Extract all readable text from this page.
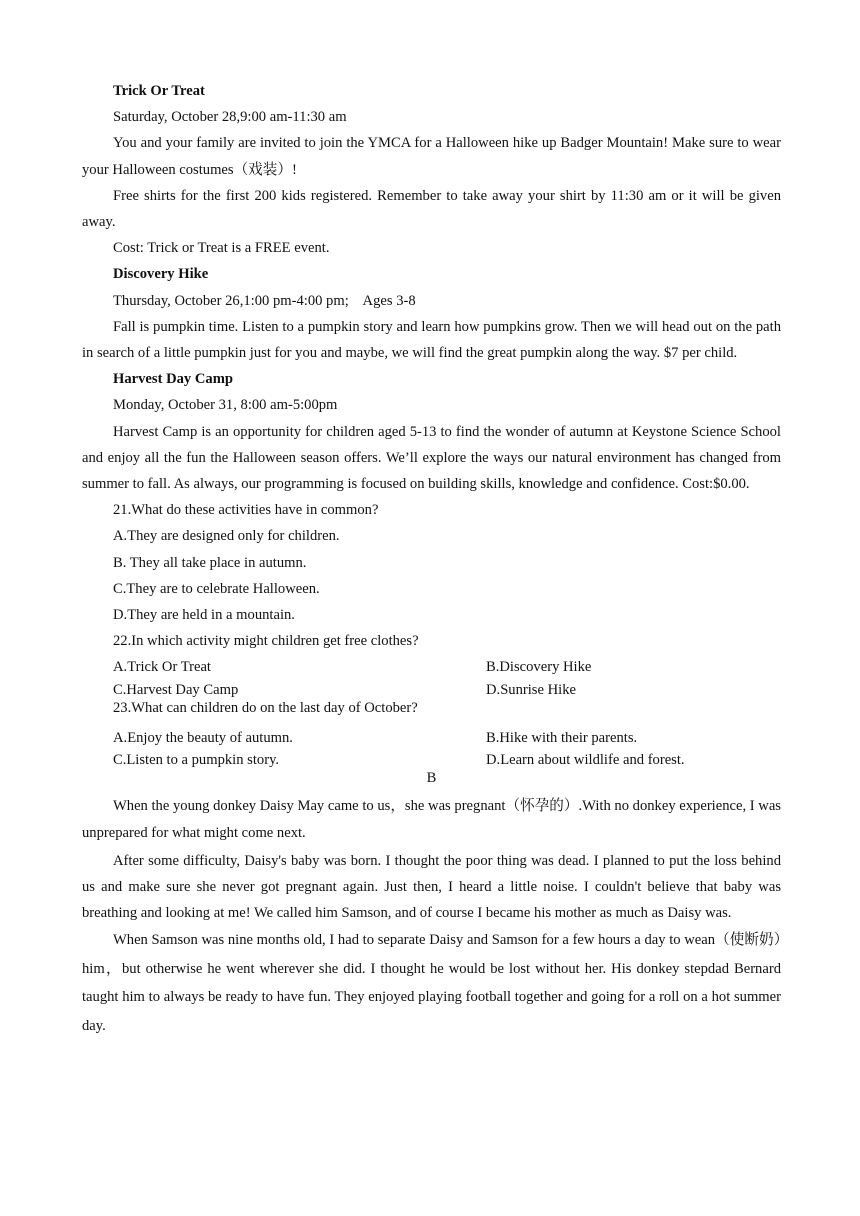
Trick Or Treat

Saturday, October 28,9:00 am-11:30 am

You and your family are invited to join the YMCA for a Halloween hike up Badger Mountain! Make sure to wear your Halloween costumes（戏装）!

Free shirts for the first 200 kids registered. Remember to take away your shirt by 11:30 am or it will be given away.

Cost: Trick or Treat is a FREE event.

Discovery Hike

Thursday, October 26,1:00 pm-4:00 pm;    Ages 3-8

Fall is pumpkin time. Listen to a pumpkin story and learn how pumpkins grow. Then we will head out on the path in search of a little pumpkin just for you and maybe, we will find the great pumpkin along the way. $7 per child.

Harvest Day Camp

Monday, October 31, 8:00 am-5:00pm

Harvest Camp is an opportunity for children aged 5-13 to find the wonder of autumn at Keystone Science School and enjoy all the fun the Halloween season offers. We’ll explore the ways our natural environment has changed from summer to fall. As always, our programming is focused on building skills, knowledge and confidence. Cost:$0.00.

21.What do these activities have in common?

A.They are designed only for children.

B. They all take place in autumn.

C.They are to celebrate Halloween.

D.They are held in a mountain.

22.In which activity might children get free clothes?

A.Trick Or Treat	B.Discovery Hike
C.Harvest Day Camp	D.Sunrise Hike

23.What can children do on the last day of October?

A.Enjoy the beauty of autumn.	B.Hike with their parents.
C.Listen to a pumpkin story.	D.Learn about wildlife and forest.
B

When the young donkey Daisy May came to us，she was pregnant（怀孕的）.With no donkey experience, I was unprepared for what might come next.

After some difficulty, Daisy's baby was born. I thought the poor thing was dead. I planned to put the loss behind us and make sure she never got pregnant again. Just then, I heard a little noise. I couldn't believe that baby was breathing and looking at me! We called him Samson, and of course I became his mother as much as Daisy was.

When Samson was nine months old, I had to separate Daisy and Samson for a few hours a day to wean（使断奶）him，but otherwise he went wherever she did. I thought he would be lost without her. His donkey stepdad Bernard taught him to always be ready to have fun. They enjoyed playing football together and going for a roll on a hot summer day.
